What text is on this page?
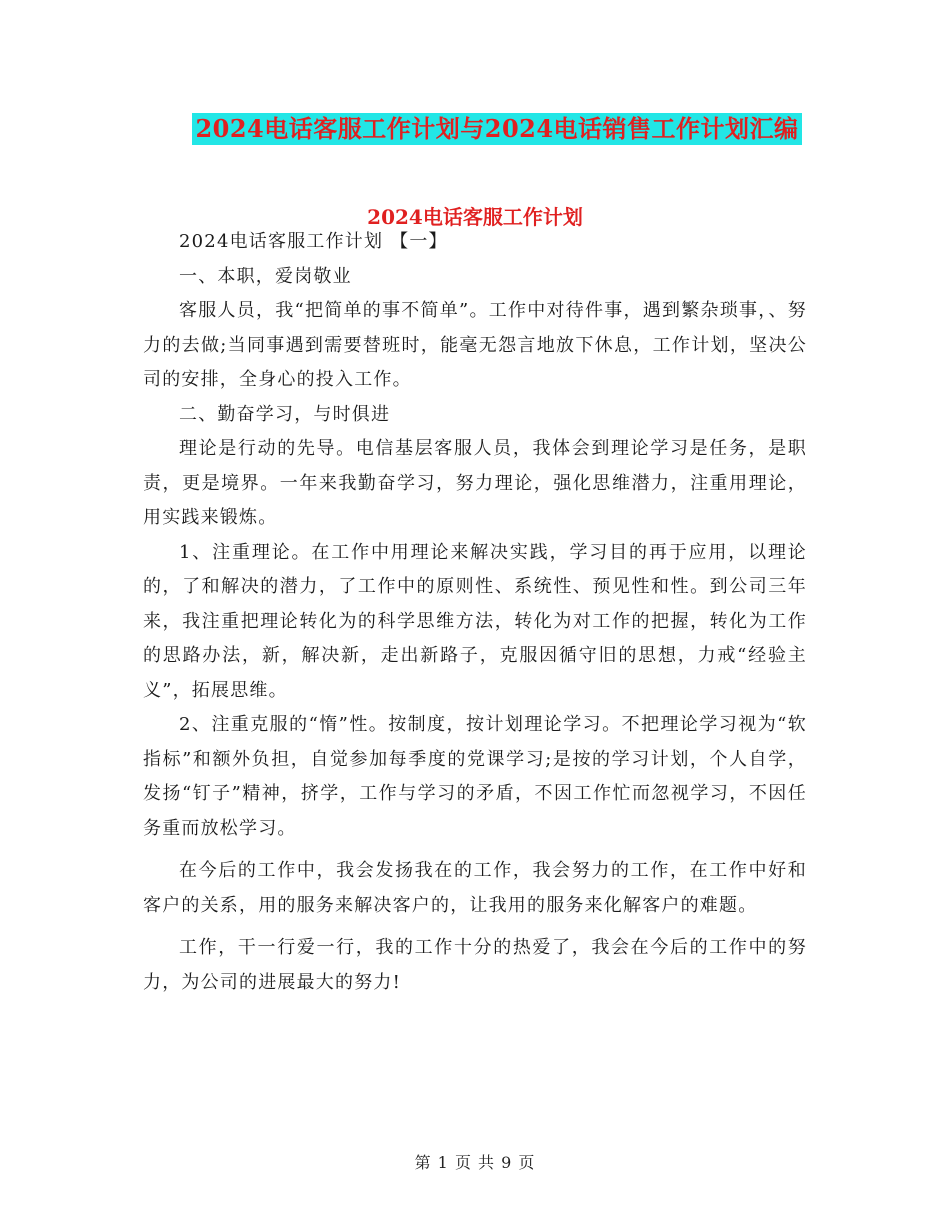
2024电话客服工作计划与2024电话销售工作计划汇编
2024电话客服工作计划

2024电话客服工作计划 【一】

一、本职，爱岗敬业

客服人员，我“把简单的事不简单”。工作中对待件事，遇到繁杂琐事，、努力的去做;当同事遇到需要替班时，能毫无怨言地放下休息，工作计划，坚决公司的安排，全身心的投入工作。

二、勤奋学习，与时俱进

理论是行动的先导。电信基层客服人员，我体会到理论学习是任务，是职责，更是境界。一年来我勤奋学习，努力理论，强化思维潜力，注重用理论，用实践来锻炼。

1、注重理论。在工作中用理论来解决实践，学习目的再于应用，以理论的，了和解决的潜力，了工作中的原则性、系统性、预见性和性。到公司三年来，我注重把理论转化为的科学思维方法，转化为对工作的把握，转化为工作的思路办法，新，解决新，走出新路子，克服因循守旧的思想，力戒“经验主义”，拓展思维。

2、注重克服的“惰”性。按制度，按计划理论学习。不把理论学习视为“软指标”和额外负担，自觉参加每季度的党课学习;是按的学习计划，个人自学，发扬“钉子”精神，挤学，工作与学习的矛盾，不因工作忙而忽视学习，不因任务重而放松学习。

在今后的工作中，我会发扬我在的工作，我会努力的工作，在工作中好和客户的关系，用的服务来解决客户的，让我用的服务来化解客户的难题。

工作，干一行爱一行，我的工作十分的热爱了，我会在今后的工作中的努力，为公司的进展最大的努力!

第 1 页 共 9 页
